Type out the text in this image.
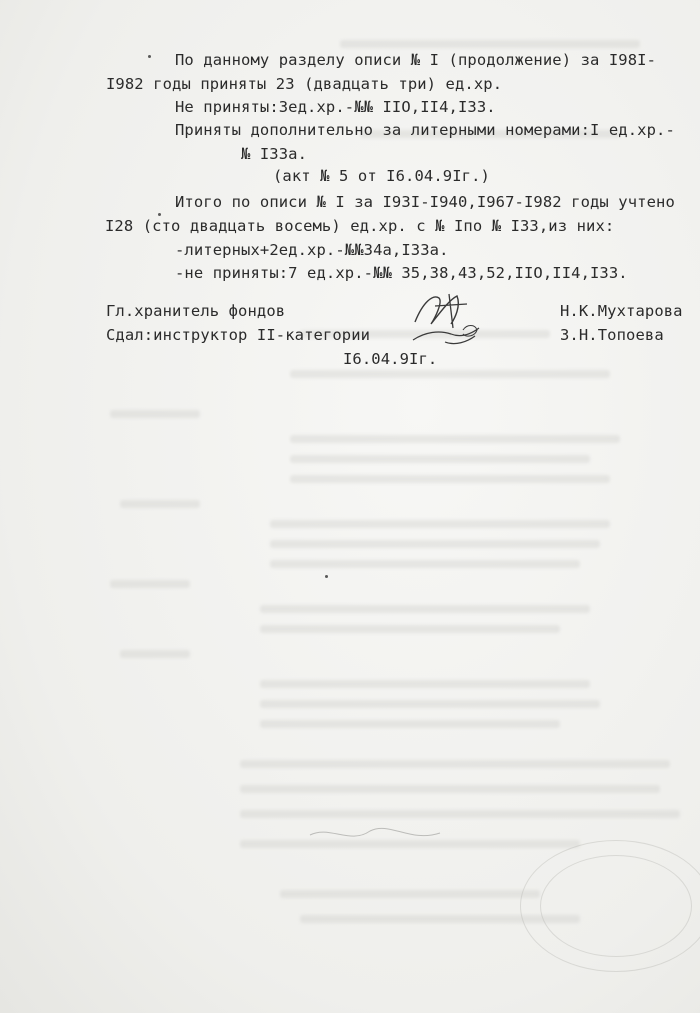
По данному разделу описи № I (продолжение) за I98I-
I982 годы приняты 23 (двадцать три) ед.хр.
Не приняты:3ед.хр.-№№ IIO,II4,I33.
Приняты дополнительно за литерными номерами:I ед.хр.-
№ I33а.
(акт № 5 от I6.04.9Iг.)
Итого по описи № I за I93I-I940,I967-I982 годы учтено
I28 (сто двадцать восемь) ед.хр. с № Iпо № I33,из них:
-литерных+2ед.хр.-№№34а,I33а.
-не приняты:7 ед.хр.-№№ 35,38,43,52,IIO,II4,I33.
Гл.хранитель фондов	Н.К.Мухтарова
Сдал:инструктор II-категории	З.Н.Топоева
I6.04.9Iг.
